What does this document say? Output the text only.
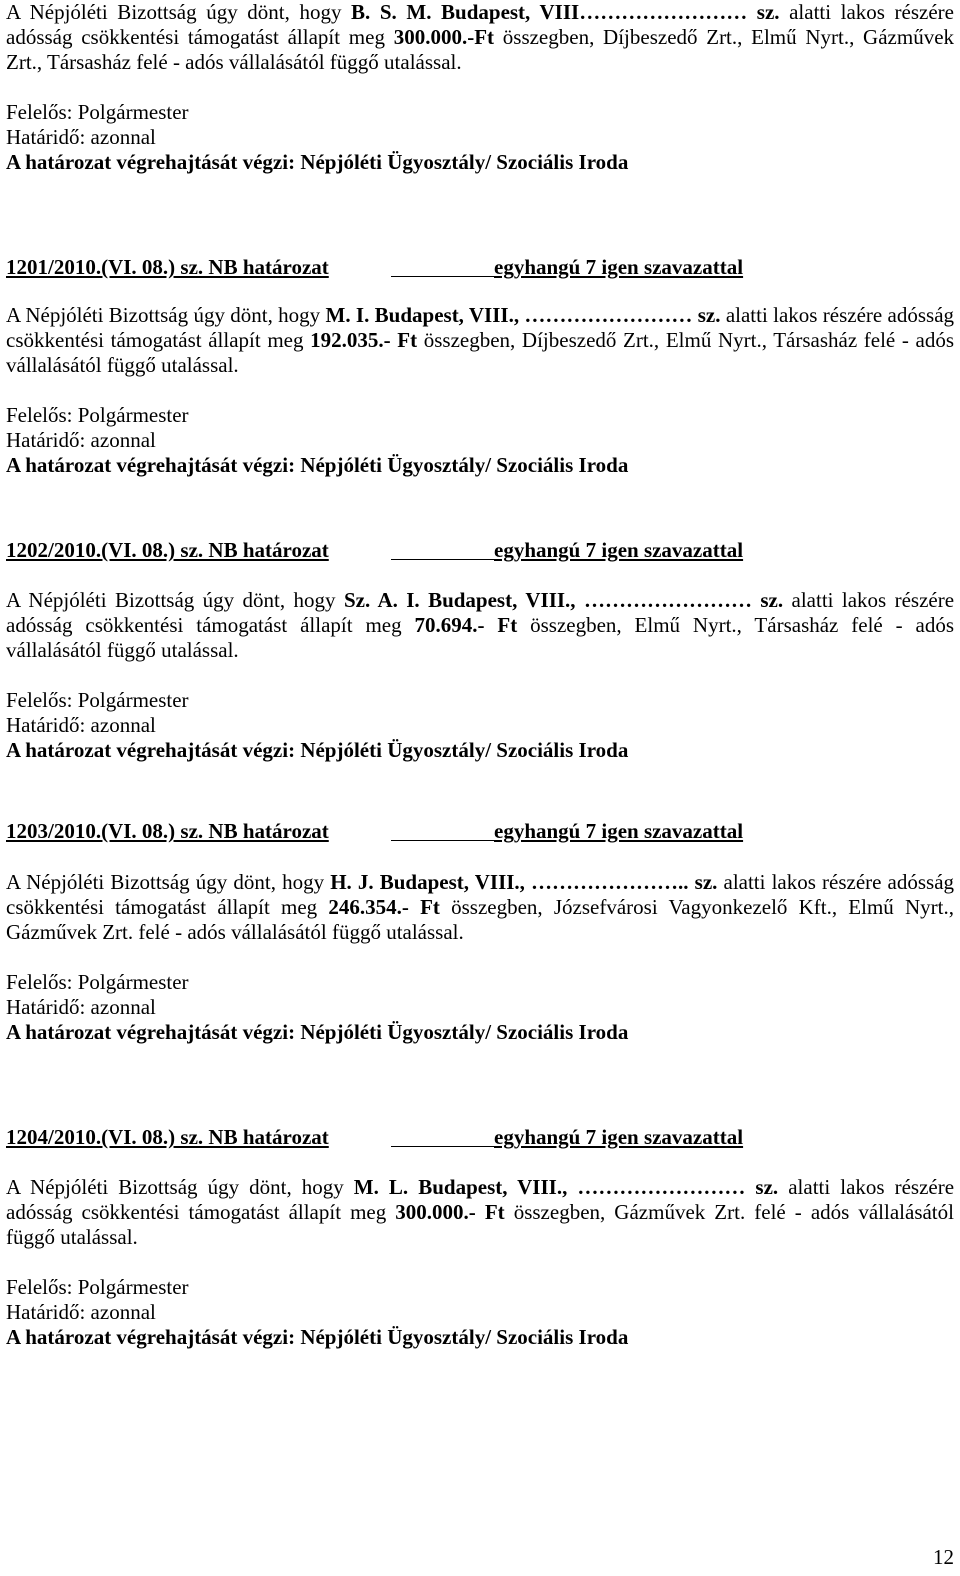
A Népjóléti Bizottság úgy dönt, hogy B. S. M. Budapest, VIII…………………… sz. alatti lakos részére adósság csökkentési támogatást állapít meg 300.000.-Ft összegben, Díjbeszedő Zrt., Elmű Nyrt., Gázművek Zrt., Társasház felé - adós vállalásától függő utalással.

Felelős: Polgármester

Határidő: azonnal

A határozat végrehajtását végzi: Népjóléti Ügyosztály/ Szociális Iroda

1201/2010.(VI. 08.) sz. NB határozat	egyhangú 7 igen szavazattal

A Népjóléti Bizottság úgy dönt, hogy M. I. Budapest, VIII., …………………… sz. alatti lakos részére adósság csökkentési támogatást állapít meg 192.035.- Ft összegben, Díjbeszedő Zrt., Elmű Nyrt., Társasház felé - adós vállalásától függő utalással.

Felelős: Polgármester

Határidő: azonnal

A határozat végrehajtását végzi: Népjóléti Ügyosztály/ Szociális Iroda

1202/2010.(VI. 08.) sz. NB határozat	egyhangú 7 igen szavazattal

A Népjóléti Bizottság úgy dönt, hogy Sz. A. I. Budapest, VIII., …………………… sz. alatti lakos részére adósság csökkentési támogatást állapít meg 70.694.- Ft összegben, Elmű Nyrt., Társasház felé - adós vállalásától függő utalással.

Felelős: Polgármester

Határidő: azonnal

A határozat végrehajtását végzi: Népjóléti Ügyosztály/ Szociális Iroda

1203/2010.(VI. 08.) sz. NB határozat	egyhangú 7 igen szavazattal

A Népjóléti Bizottság úgy dönt, hogy H. J. Budapest, VIII., ………………….. sz. alatti lakos részére adósság csökkentési támogatást állapít meg 246.354.- Ft összegben, Józsefvárosi Vagyonkezelő Kft., Elmű Nyrt., Gázművek Zrt. felé - adós vállalásától függő utalással.

Felelős: Polgármester

Határidő: azonnal

A határozat végrehajtását végzi: Népjóléti Ügyosztály/ Szociális Iroda

1204/2010.(VI. 08.) sz. NB határozat	egyhangú 7 igen szavazattal

A Népjóléti Bizottság úgy dönt, hogy M. L. Budapest, VIII., …………………… sz. alatti lakos részére adósság csökkentési támogatást állapít meg 300.000.- Ft összegben, Gázművek Zrt. felé - adós vállalásától függő utalással.

Felelős: Polgármester

Határidő: azonnal

A határozat végrehajtását végzi: Népjóléti Ügyosztály/ Szociális Iroda

12
